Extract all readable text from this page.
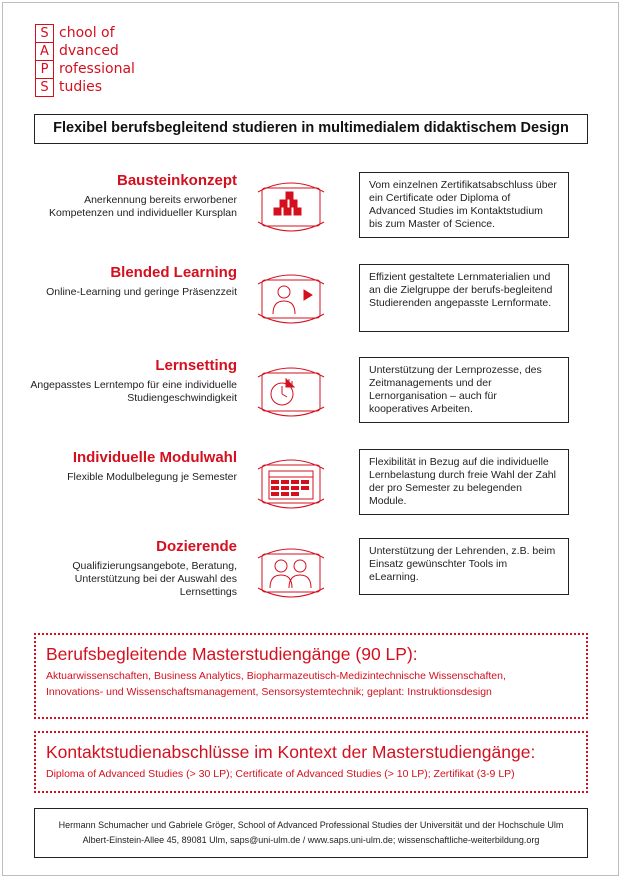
S
A
P
S
chool of
dvanced
rofessional
tudies
Flexibel berufsbegleitend studieren in multimedialem didaktischem Design
Bausteinkonzept
Anerkennung bereits erworbener Kompetenzen und individueller Kursplan
Vom einzelnen Zertifikatsabschluss über ein Certificate oder Diploma of Advanced Studies im Kontaktstudium bis zum Master of Science.
Blended Learning
Online-Learning und geringe Präsenzzeit
Effizient gestaltete Lernmaterialien und an die Zielgruppe der berufs-begleitend Studierenden angepasste Lernformate.
Lernsetting
Angepasstes Lerntempo für eine individuelle Studiengeschwindigkeit
Unterstützung der Lernprozesse, des Zeitmanagements und der Lernorganisation – auch für kooperatives Arbeiten.
Individuelle Modulwahl
Flexible Modulbelegung je Semester
Flexibilität in Bezug auf die individuelle Lernbelastung durch freie Wahl der Zahl der pro Semester zu belegenden Module.
Dozierende
Qualifizierungsangebote, Beratung, Unterstützung bei der Auswahl des Lernsettings
Unterstützung der Lehrenden, z.B. beim Einsatz gewünschter Tools im eLearning.
Berufsbegleitende Masterstudiengänge (90 LP):
Aktuarwissenschaften, Business Analytics, Biopharmazeutisch-Medizintechnische Wissenschaften,
Innovations- und Wissenschaftsmanagement, Sensorsystemtechnik; geplant: Instruktionsdesign
Kontaktstudienabschlüsse im Kontext der Masterstudiengänge:
Diploma of Advanced Studies (> 30 LP); Certificate of Advanced Studies (> 10 LP); Zertifikat (3-9 LP)
Hermann Schumacher und Gabriele Gröger, School of Advanced Professional Studies der Universität und der Hochschule Ulm
Albert-Einstein-Allee 45, 89081 Ulm, saps@uni-ulm.de / www.saps.uni-ulm.de; wissenschaftliche-weiterbildung.org
